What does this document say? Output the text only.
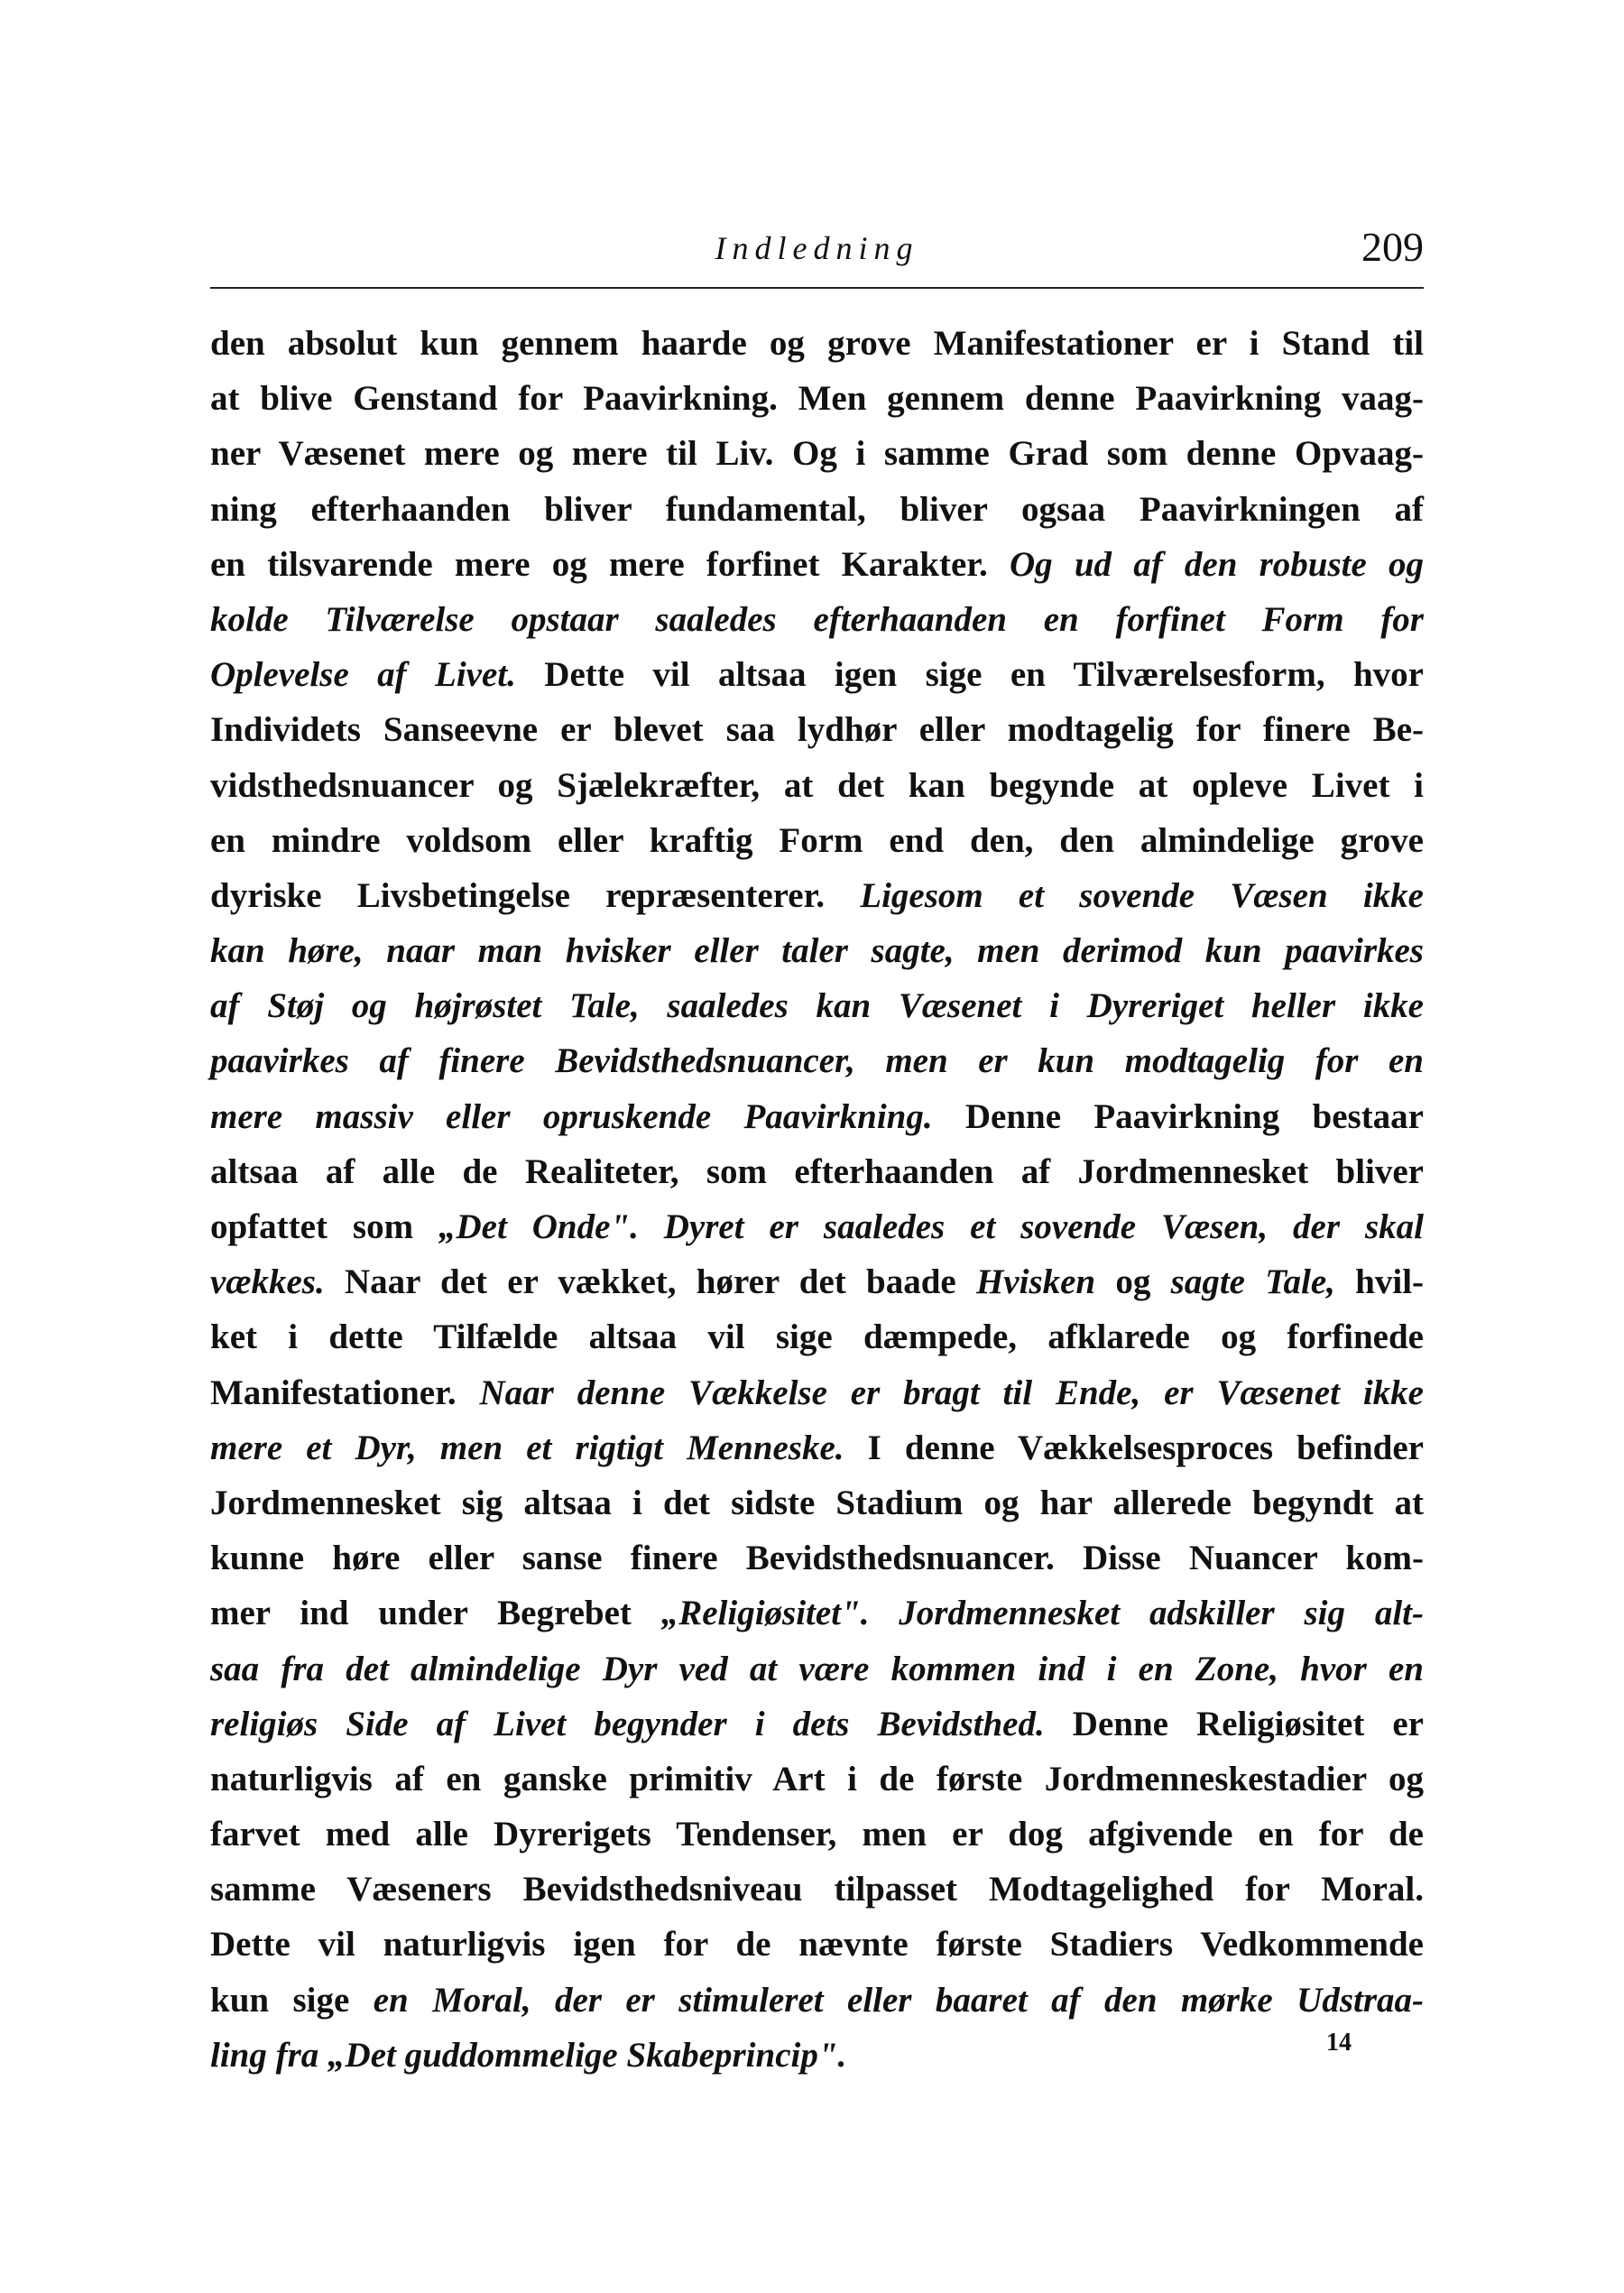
Indledning	209
den absolut kun gennem haarde og grove Manifestationer er i Stand til
at blive Genstand for Paavirkning. Men gennem denne Paavirkning vaag-
ner Væsenet mere og mere til Liv. Og i samme Grad som denne Opvaag-
ning efterhaanden bliver fundamental, bliver ogsaa Paavirkningen af
en tilsvarende mere og mere forfinet Karakter. Og ud af den robuste og
kolde Tilværelse opstaar saaledes efterhaanden en forfinet Form for
Oplevelse af Livet. Dette vil altsaa igen sige en Tilværelsesform, hvor
Individets Sanseevne er blevet saa lydhør eller modtagelig for finere Be-
vidsthedsnuancer og Sjælekræfter, at det kan begynde at opleve Livet i
en mindre voldsom eller kraftig Form end den, den almindelige grove
dyriske Livsbetingelse repræsenterer. Ligesom et sovende Væsen ikke
kan høre, naar man hvisker eller taler sagte, men derimod kun paavirkes
af Støj og højrøstet Tale, saaledes kan Væsenet i Dyreriget heller ikke
paavirkes af finere Bevidsthedsnuancer, men er kun modtagelig for en
mere massiv eller opruskende Paavirkning. Denne Paavirkning bestaar
altsaa af alle de Realiteter, som efterhaanden af Jordmennesket bliver
opfattet som „Det Onde". Dyret er saaledes et sovende Væsen, der skal
vækkes. Naar det er vækket, hører det baade Hvisken og sagte Tale, hvil-
ket i dette Tilfælde altsaa vil sige dæmpede, afklarede og forfinede
Manifestationer. Naar denne Vækkelse er bragt til Ende, er Væsenet ikke
mere et Dyr, men et rigtigt Menneske. I denne Vækkelsesproces befinder
Jordmennesket sig altsaa i det sidste Stadium og har allerede begyndt at
kunne høre eller sanse finere Bevidsthedsnuancer. Disse Nuancer kom-
mer ind under Begrebet „Religiøsitet". Jordmennesket adskiller sig alt-
saa fra det almindelige Dyr ved at være kommen ind i en Zone, hvor en
religiøs Side af Livet begynder i dets Bevidsthed. Denne Religiøsitet er
naturligvis af en ganske primitiv Art i de første Jordmenneskestadier og
farvet med alle Dyrerigets Tendenser, men er dog afgivende en for de
samme Væseners Bevidsthedsniveau tilpasset Modtagelighed for Moral.
Dette vil naturligvis igen for de nævnte første Stadiers Vedkommende
kun sige en Moral, der er stimuleret eller baaret af den mørke Udstraa-
ling fra „Det guddommelige Skabeprincip".	14
